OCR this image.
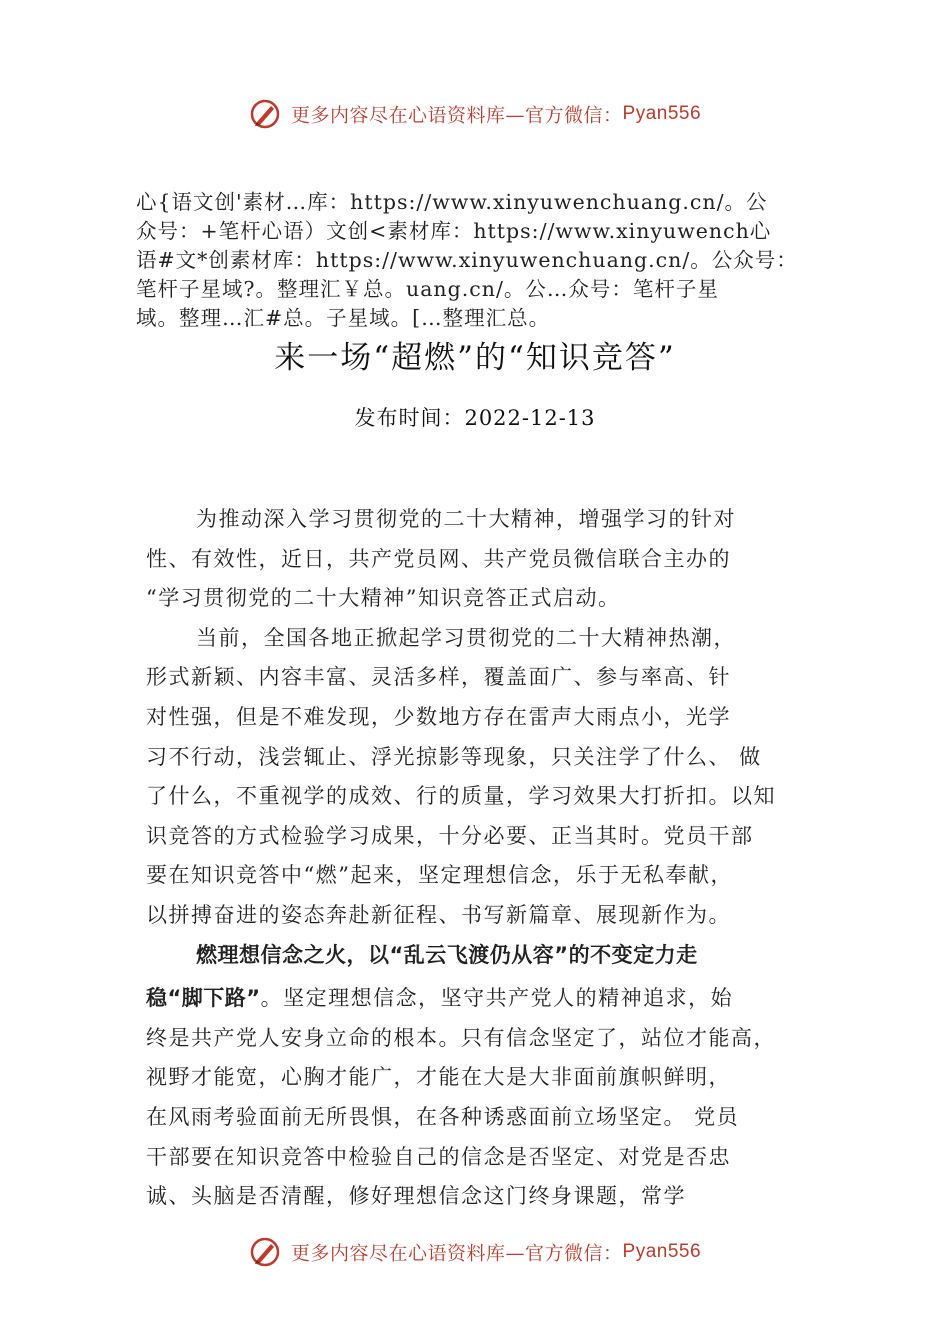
更多内容尽在心语资料库—官方微信：Pyan556
心{语文创'素材…库：https://www.xinyuwenchuang.cn/。公
众号：+笔杆心语）文创<素材库：https://www.xinyuwench心
语#文*创素材库：https://www.xinyuwenchuang.cn/。公众号：
笔杆子星域?。整理汇￥总。uang.cn/。公…众号：笔杆子星
域。整理…汇#总。子星域。[…整理汇总。
来一场“超燃”的“知识竞答”
发布时间：2022-12-13
为推动深入学习贯彻党的二十大精神，增强学习的针对
性、有效性，近日，共产党员网、共产党员微信联合主办的
“学习贯彻党的二十大精神”知识竞答正式启动。
当前，全国各地正掀起学习贯彻党的二十大精神热潮，
形式新颖、内容丰富、灵活多样，覆盖面广、参与率高、针
对性强，但是不难发现，少数地方存在雷声大雨点小，光学
习不行动，浅尝辄止、浮光掠影等现象，只关注学了什么、 做
了什么，不重视学的成效、行的质量，学习效果大打折扣。以知
识竞答的方式检验学习成果，十分必要、正当其时。党员干部
要在知识竞答中“燃”起来，坚定理想信念，乐于无私奉献，
以拼搏奋进的姿态奔赴新征程、书写新篇章、展现新作为。
燃理想信念之火，以“乱云飞渡仍从容”的不变定力走
稳“脚下路”。坚定理想信念，坚守共产党人的精神追求，始
终是共产党人安身立命的根本。只有信念坚定了，站位才能高，
视野才能宽，心胸才能广，才能在大是大非面前旗帜鲜明，
在风雨考验面前无所畏惧，在各种诱惑面前立场坚定。 党员
干部要在知识竞答中检验自己的信念是否坚定、对党是否忠
诚、头脑是否清醒，修好理想信念这门终身课题，常学
更多内容尽在心语资料库—官方微信：Pyan556
